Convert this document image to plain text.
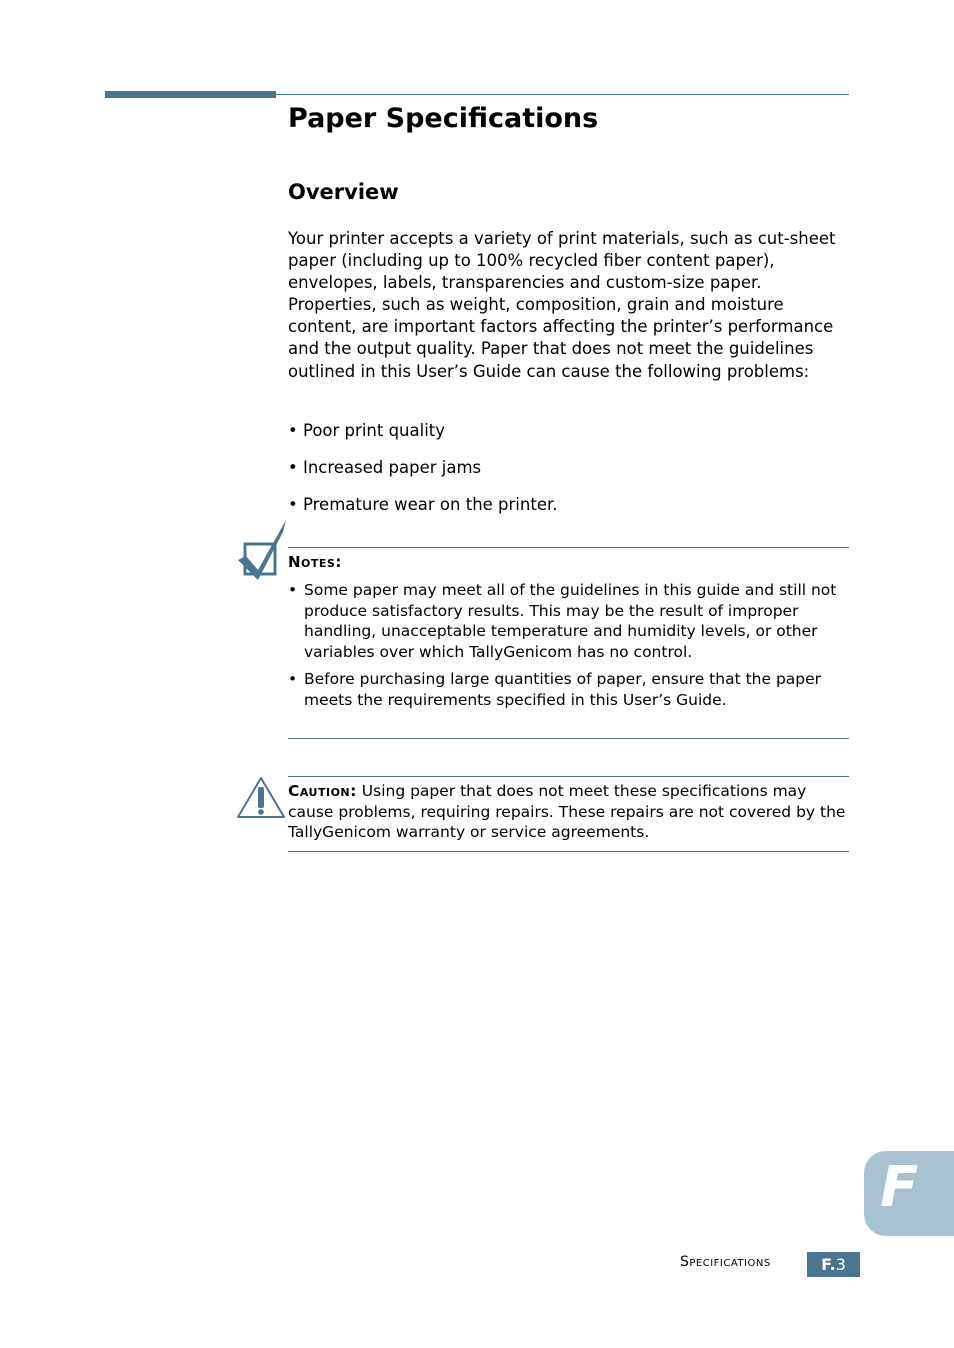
Paper Specifications
Overview

Your printer accepts a variety of print materials, such as cut-sheet paper (including up to 100% recycled fiber content paper), envelopes, labels, transparencies and custom-size paper. Properties, such as weight, composition, grain and moisture content, are important factors affecting the printer’s performance and the output quality. Paper that does not meet the guidelines outlined in this User’s Guide can cause the following problems:

• Poor print quality

• Increased paper jams

• Premature wear on the printer.

Notes:

• Some paper may meet all of the guidelines in this guide and still not produce satisfactory results. This may be the result of improper handling, unacceptable temperature and humidity levels, or other variables over which TallyGenicom has no control.
• Before purchasing large quantities of paper, ensure that the paper meets the requirements specified in this User’s Guide.

Caution: Using paper that does not meet these specifications may cause problems, requiring repairs. These repairs are not covered by the TallyGenicom warranty or service agreements.

F

Specifications	F.3
